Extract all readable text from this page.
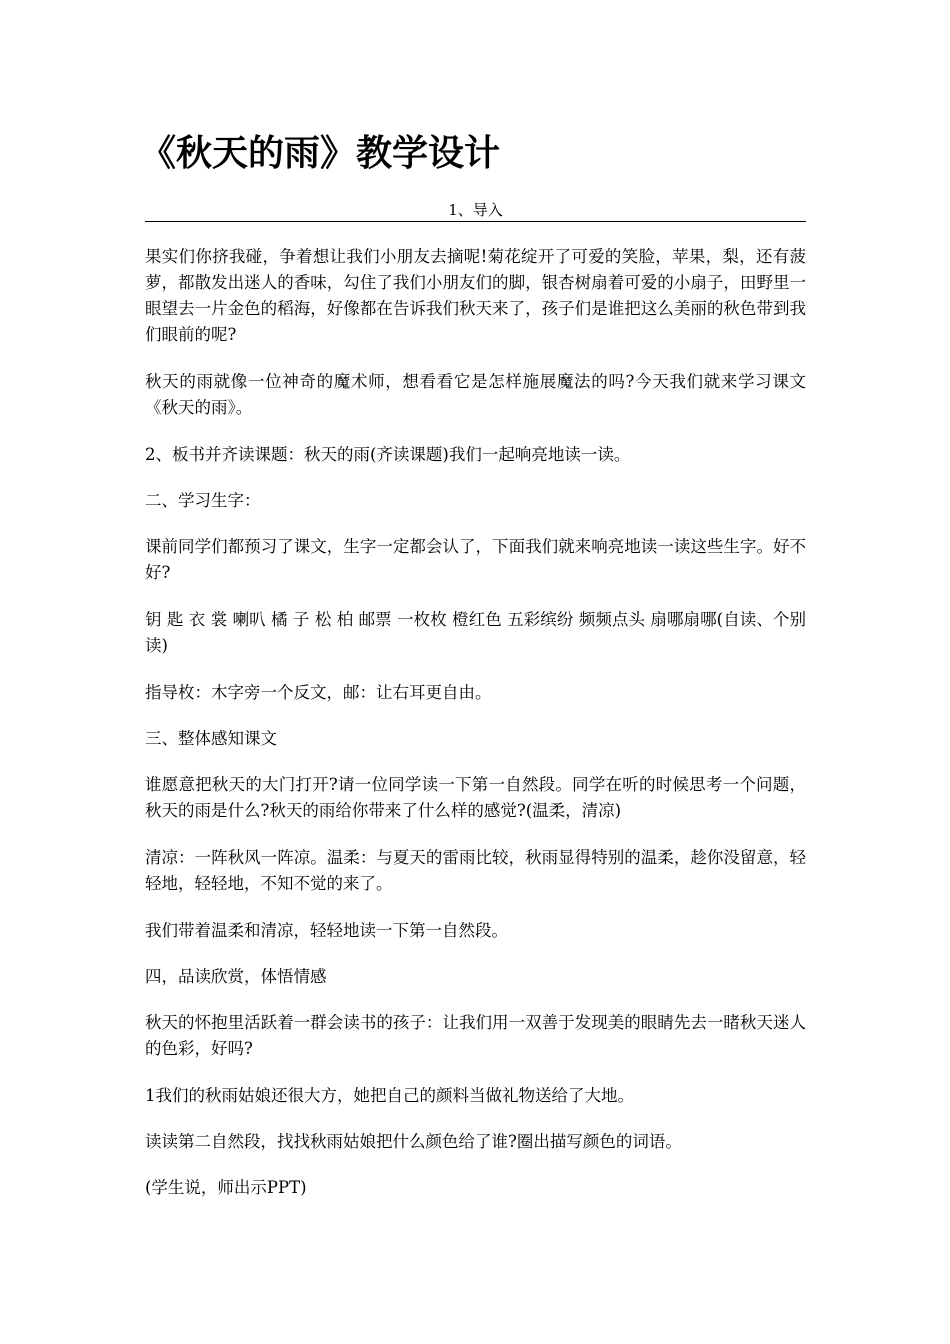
《秋天的雨》教学设计
1、导入

果实们你挤我碰，争着想让我们小朋友去摘呢!菊花绽开了可爱的笑脸，苹果，梨，还有菠萝，都散发出迷人的香味，勾住了我们小朋友们的脚，银杏树扇着可爱的小扇子，田野里一眼望去一片金色的稻海，好像都在告诉我们秋天来了，孩子们是谁把这么美丽的秋色带到我们眼前的呢?

秋天的雨就像一位神奇的魔术师，想看看它是怎样施展魔法的吗?今天我们就来学习课文《秋天的雨》。

2、板书并齐读课题：秋天的雨(齐读课题)我们一起响亮地读一读。

二、学习生字：

课前同学们都预习了课文，生字一定都会认了，下面我们就来响亮地读一读这些生字。好不好?

钥 匙 衣 裳 喇叭 橘 子 松 柏 邮票 一枚枚 橙红色 五彩缤纷 频频点头 扇哪扇哪(自读、个别读)

指导枚：木字旁一个反文，邮：让右耳更自由。

三、整体感知课文

谁愿意把秋天的大门打开?请一位同学读一下第一自然段。同学在听的时候思考一个问题，秋天的雨是什么?秋天的雨给你带来了什么样的感觉?(温柔，清凉)

清凉：一阵秋风一阵凉。温柔：与夏天的雷雨比较，秋雨显得特别的温柔，趁你没留意，轻轻地，轻轻地，不知不觉的来了。

我们带着温柔和清凉，轻轻地读一下第一自然段。

四，品读欣赏，体悟情感

秋天的怀抱里活跃着一群会读书的孩子：让我们用一双善于发现美的眼睛先去一睹秋天迷人的色彩，好吗?

1我们的秋雨姑娘还很大方，她把自己的颜料当做礼物送给了大地。

读读第二自然段，找找秋雨姑娘把什么颜色给了谁?圈出描写颜色的词语。

(学生说，师出示PPT)
